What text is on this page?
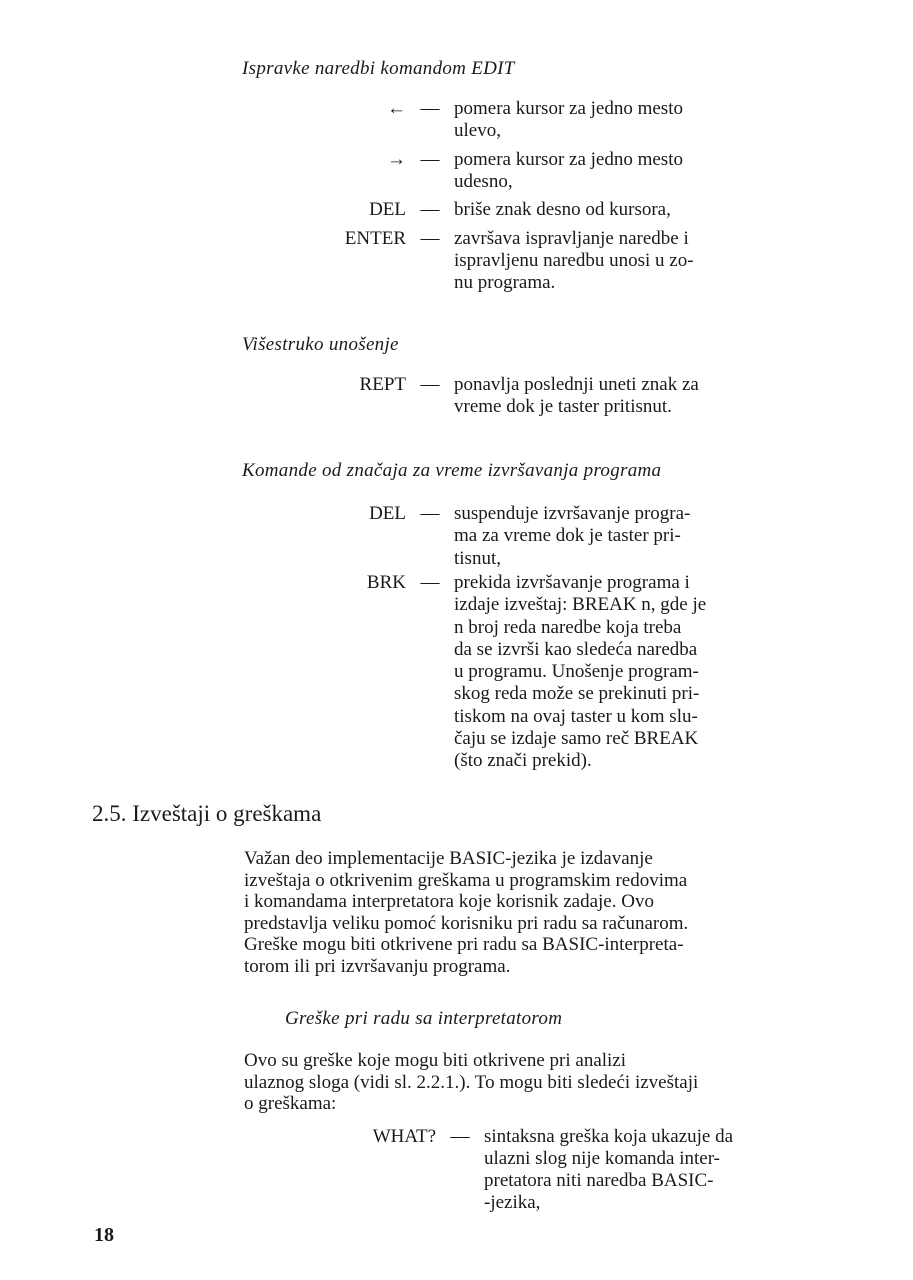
Ispravke naredbi komandom EDIT
← — pomera kursor za jedno mesto
ulevo,
→ — pomera kursor za jedno mesto
udesno,
DEL — briše znak desno od kursora,
ENTER — završava ispravljanje naredbe i
ispravljenu naredbu unosi u zo-
nu programa.
Višestruko unošenje
REPT — ponavlja poslednji uneti znak za
vreme dok je taster pritisnut.
Komande od značaja za vreme izvršavanja programa
DEL — suspenduje izvršavanje progra-
ma za vreme dok je taster pri-
tisnut,
BRK — prekida izvršavanje programa i
izdaje izveštaj: BREAK n, gde je
n broj reda naredbe koja treba
da se izvrši kao sledeća naredba
u programu. Unošenje program-
skog reda može se prekinuti pri-
tiskom na ovaj taster u kom slu-
čaju se izdaje samo reč BREAK
(što znači prekid).
2.5. Izveštaji o greškama
Važan deo implementacije BASIC-jezika je izdavanje
izveštaja o otkrivenim greškama u programskim redovima
i komandama interpretatora koje korisnik zadaje. Ovo
predstavlja veliku pomoć korisniku pri radu sa računarom.
Greške mogu biti otkrivene pri radu sa BASIC-interpreta-
torom ili pri izvršavanju programa.
Greške pri radu sa interpretatorom
Ovo su greške koje mogu biti otkrivene pri analizi
ulaznog sloga (vidi sl. 2.2.1.). To mogu biti sledeći izveštaji
o greškama:
WHAT? — sintaksna greška koja ukazuje da
ulazni slog nije komanda inter-
pretatora niti naredba BASIC-
-jezika,
18
